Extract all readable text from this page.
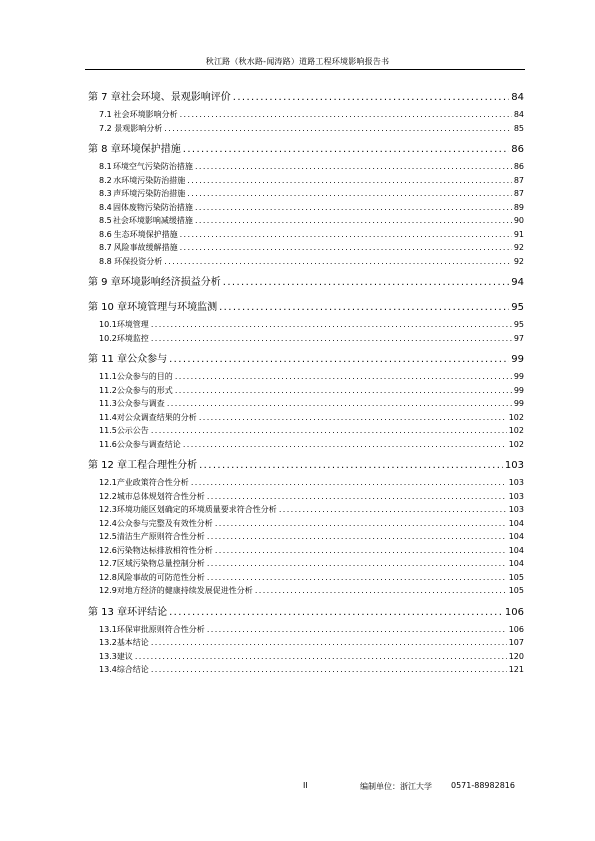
秋江路（秋水路-闻涛路）道路工程环境影响报告书
第 7 章 社会环境、景观影响评价 .....	84
7.1 社会环境影响分析 .....	84
7.2 景观影响分析 .....	85
第 8 章 环境保护措施 .....	86
8.1 环境空气污染防治措施 .....	86
8.2 水环境污染防治措施 .....	87
8.3 声环境污染防治措施 .....	87
8.4 固体废物污染防治措施 .....	89
8.5 社会环境影响减缓措施 .....	90
8.6 生态环境保护措施 .....	91
8.7 风险事故缓解措施 .....	92
8.8 环保投资分析 .....	92
第 9 章 环境影响经济损益分析 .....	94
第 10 章 环境管理与环境监测 .....	95
10.1 环境管理 .....	95
10.2 环境监控 .....	97
第 11 章 公众参与 .....	99
11.1 公众参与的目的 .....	99
11.2 公众参与的形式 .....	99
11.3 公众参与调查 .....	99
11.4 对公众调查结果的分析 .....	102
11.5 公示公告 .....	102
11.6 公众参与调查结论 .....	102
第 12 章 工程合理性分析 .....	103
12.1 产业政策符合性分析 .....	103
12.2 城市总体规划符合性分析 .....	103
12.3 环境功能区划确定的环境质量要求符合性分析 .....	103
12.4 公众参与完整及有效性分析 .....	104
12.5 清洁生产原则符合性分析 .....	104
12.6 污染物达标排放相符性分析 .....	104
12.7 区域污染物总量控制分析 .....	104
12.8 风险事故的可防范性分析 .....	105
12.9 对地方经济的健康持续发展促进性分析 .....	105
第 13 章 环评结论 .....	106
13.1 环保审批原则符合性分析 .....	106
13.2 基本结论 .....	107
13.3 建议 .....	120
13.4 综合结论 .....	121
II	编制单位：浙江大学 0571-88982816
